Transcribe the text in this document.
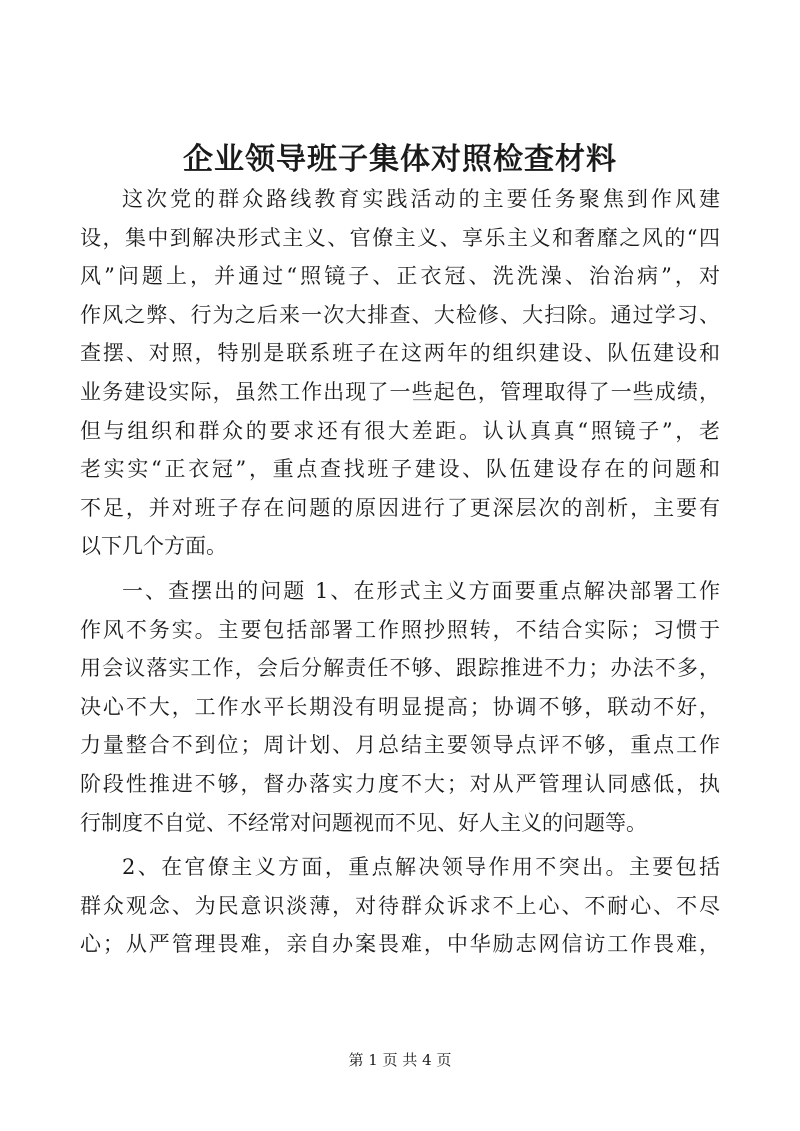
企业领导班子集体对照检查材料
这次党的群众路线教育实践活动的主要任务聚焦到作风建
设，集中到解决形式主义、官僚主义、享乐主义和奢靡之风的“四
风”问题上，并通过“照镜子、正衣冠、洗洗澡、治治病”，对
作风之弊、行为之后来一次大排查、大检修、大扫除。通过学习、
查摆、对照，特别是联系班子在这两年的组织建设、队伍建设和
业务建设实际，虽然工作出现了一些起色，管理取得了一些成绩，
但与组织和群众的要求还有很大差距。认认真真“照镜子”，老
老实实“正衣冠”，重点查找班子建设、队伍建设存在的问题和
不足，并对班子存在问题的原因进行了更深层次的剖析，主要有
以下几个方面。
一、查摆出的问题 1、在形式主义方面要重点解决部署工作
作风不务实。主要包括部署工作照抄照转，不结合实际；习惯于
用会议落实工作，会后分解责任不够、跟踪推进不力；办法不多，
决心不大，工作水平长期没有明显提高；协调不够，联动不好，
力量整合不到位；周计划、月总结主要领导点评不够，重点工作
阶段性推进不够，督办落实力度不大；对从严管理认同感低，执
行制度不自觉、不经常对问题视而不见、好人主义的问题等。
2、在官僚主义方面，重点解决领导作用不突出。主要包括
群众观念、为民意识淡薄，对待群众诉求不上心、不耐心、不尽
心；从严管理畏难，亲自办案畏难，中华励志网信访工作畏难，
第 1 页 共 4 页
